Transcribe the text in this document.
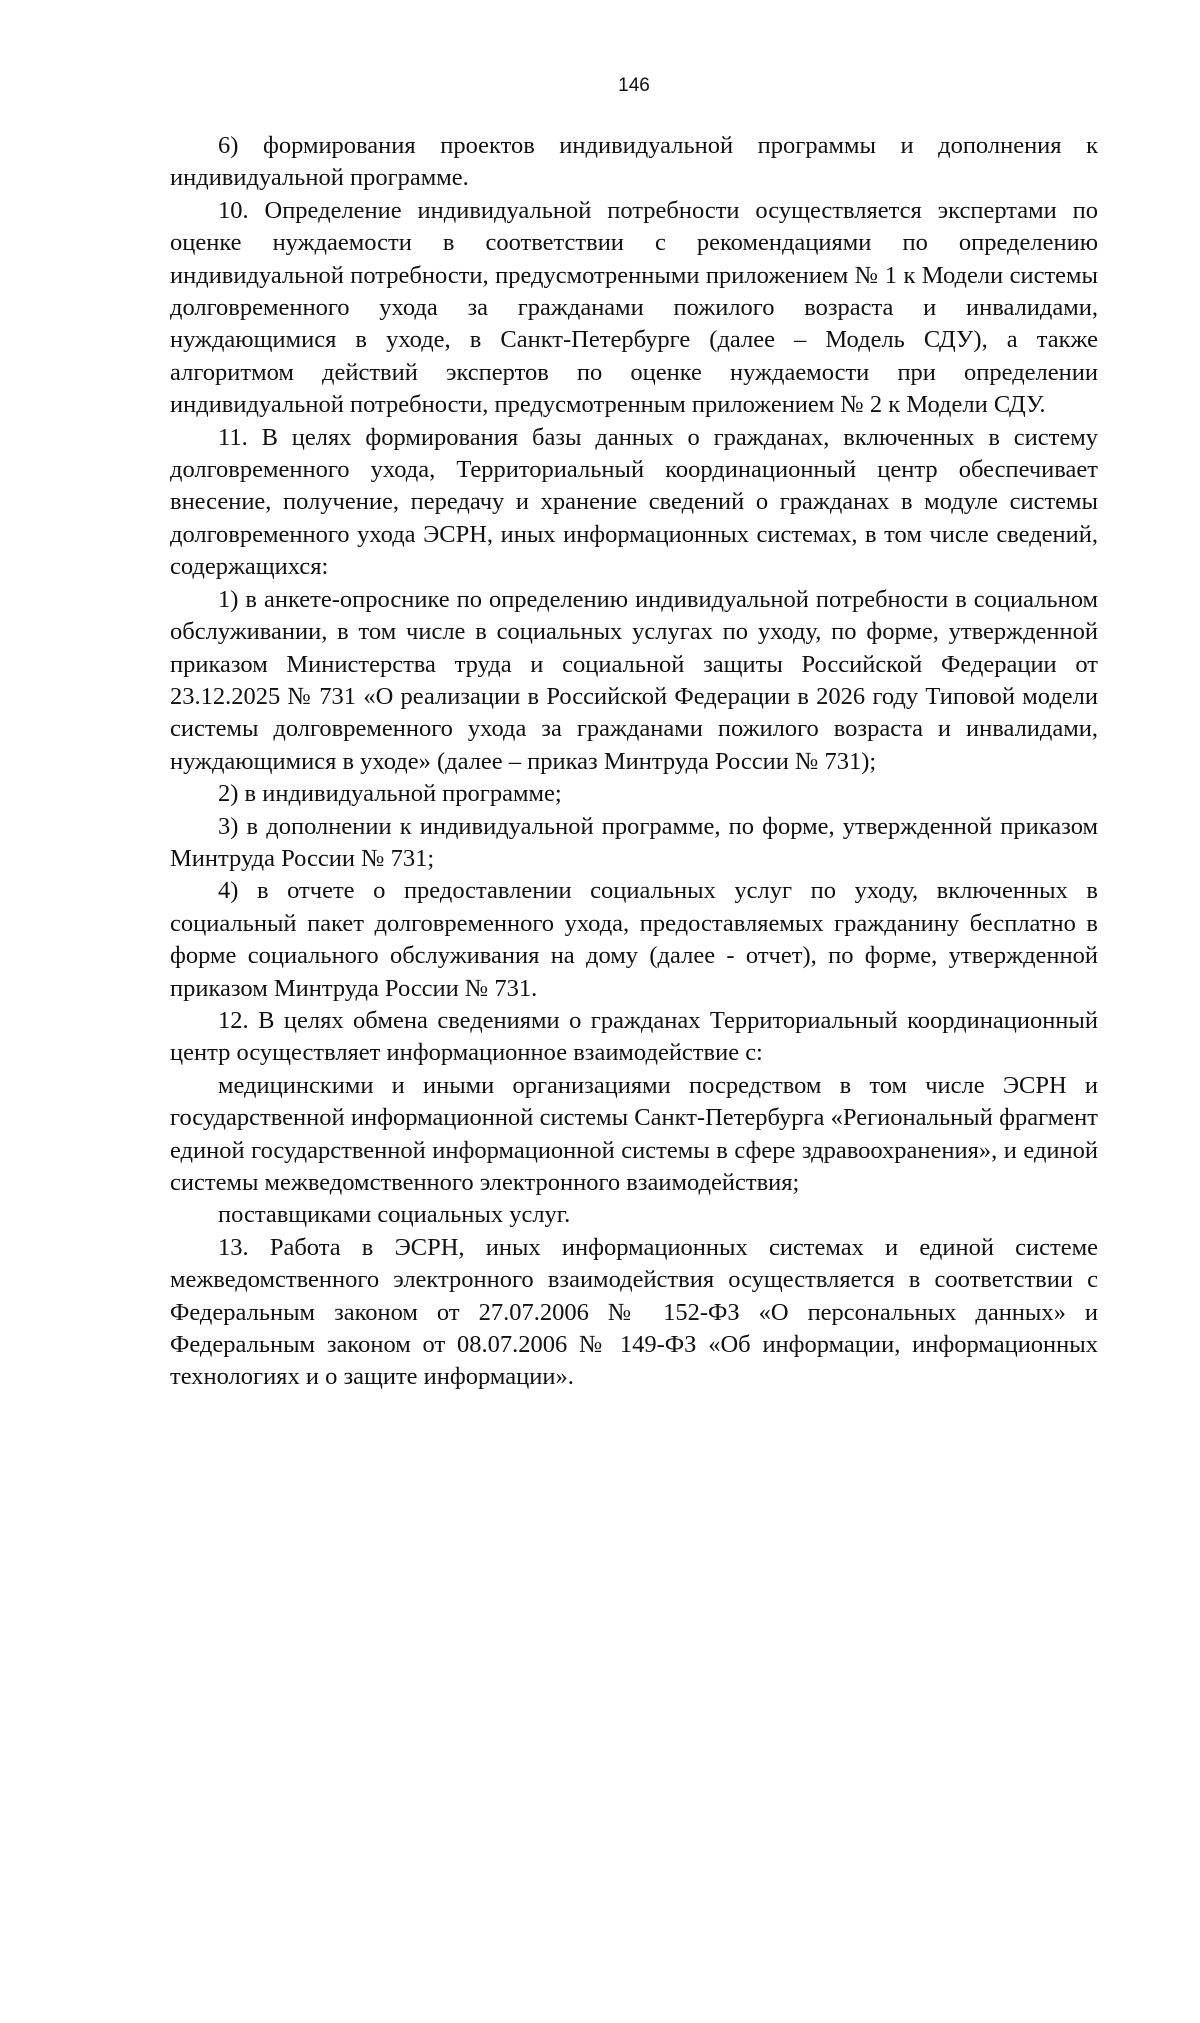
146

6) формирования проектов индивидуальной программы и дополнения к индивидуальной программе.

10. Определение индивидуальной потребности осуществляется экспертами по оценке нуждаемости в соответствии с рекомендациями по определению индивидуальной потребности, предусмотренными приложением № 1 к Модели системы долговременного ухода за гражданами пожилого возраста и инвалидами, нуждающимися в уходе, в Санкт-Петербурге (далее – Модель СДУ), а также алгоритмом действий экспертов по оценке нуждаемости при определении индивидуальной потребности, предусмотренным приложением № 2 к Модели СДУ.

11. В целях формирования базы данных о гражданах, включенных в систему долговременного ухода, Территориальный координационный центр обеспечивает внесение, получение, передачу и хранение сведений о гражданах в модуле системы долговременного ухода ЭСРН, иных информационных системах, в том числе сведений, содержащихся:

1) в анкете-опроснике по определению индивидуальной потребности в социальном обслуживании, в том числе в социальных услугах по уходу, по форме, утвержденной приказом Министерства труда и социальной защиты Российской Федерации от 23.12.2025 № 731 «О реализации в Российской Федерации в 2026 году Типовой модели системы долговременного ухода за гражданами пожилого возраста и инвалидами, нуждающимися в уходе» (далее – приказ Минтруда России № 731);

2) в индивидуальной программе;

3) в дополнении к индивидуальной программе, по форме, утвержденной приказом Минтруда России № 731;

4) в отчете о предоставлении социальных услуг по уходу, включенных в социальный пакет долговременного ухода, предоставляемых гражданину бесплатно в форме социального обслуживания на дому (далее - отчет), по форме, утвержденной приказом Минтруда России № 731.

12. В целях обмена сведениями о гражданах Территориальный координационный центр осуществляет информационное взаимодействие с:

медицинскими и иными организациями посредством в том числе ЭСРН и государственной информационной системы Санкт-Петербурга «Региональный фрагмент единой государственной информационной системы в сфере здравоохранения», и единой системы межведомственного электронного взаимодействия;

поставщиками социальных услуг.

13. Работа в ЭСРН, иных информационных системах и единой системе межведомственного электронного взаимодействия осуществляется в соответствии с Федеральным законом от 27.07.2006 № 152-ФЗ «О персональных данных» и Федеральным законом от 08.07.2006 № 149-ФЗ «Об информации, информационных технологиях и о защите информации».
